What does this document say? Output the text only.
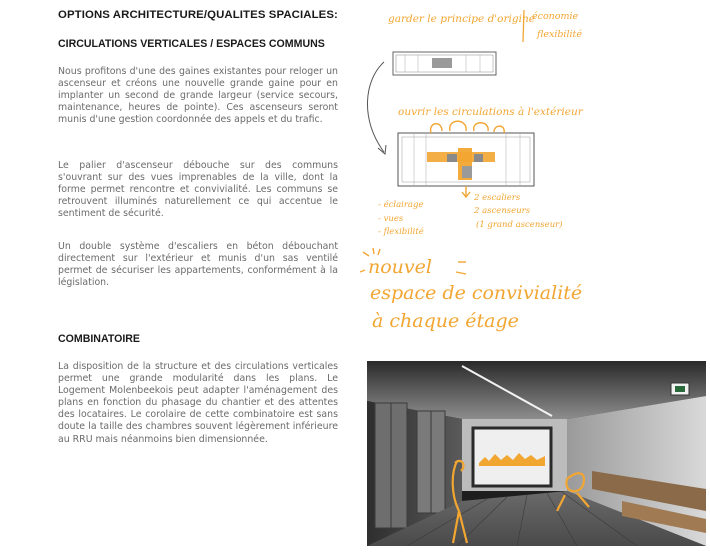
OPTIONS ARCHITECTURE/QUALITES SPACIALES:
CIRCULATIONS VERTICALES / ESPACES COMMUNS

Nous profitons d'une des gaines existantes pour reloger un ascenseur et créons une nouvelle grande gaine pour en implanter un second de grande largeur (service secours, maintenance, heures de pointe). Ces ascenseurs seront munis d'une gestion coordonnée des appels et du trafic.

Le palier d'ascenseur débouche sur des communs s'ouvrant sur des vues imprenables de la ville, dont la forme permet rencontre et convivialité. Les communs se retrouvent illuminés naturellement ce qui accentue le sentiment de sécurité.

Un double système d'escaliers en béton débouchant directement sur l'extérieur et munis d'un sas ventilé permet de sécuriser les appartements, conformément à la législation.

COMBINATOIRE

La disposition de la structure et des circulations verticales permet une grande modularité dans les plans. Le Logement Molenbeekois peut adapter l'aménagement des plans en fonction du phasage du chantier et des attentes des locataires. Le corolaire de cette combinatoire est sans doute la taille des chambres souvent légèrement inférieure au RRU mais néanmoins bien dimensionnée.

garder le principe d'origine
économie
flexibilité
ouvrir les circulations à l'extérieur
- éclairage
- vues
- flexibilité
2 escaliers
2 ascenseurs
(1 grand ascenseur)
nouvel
espace de convivialité
à chaque étage
